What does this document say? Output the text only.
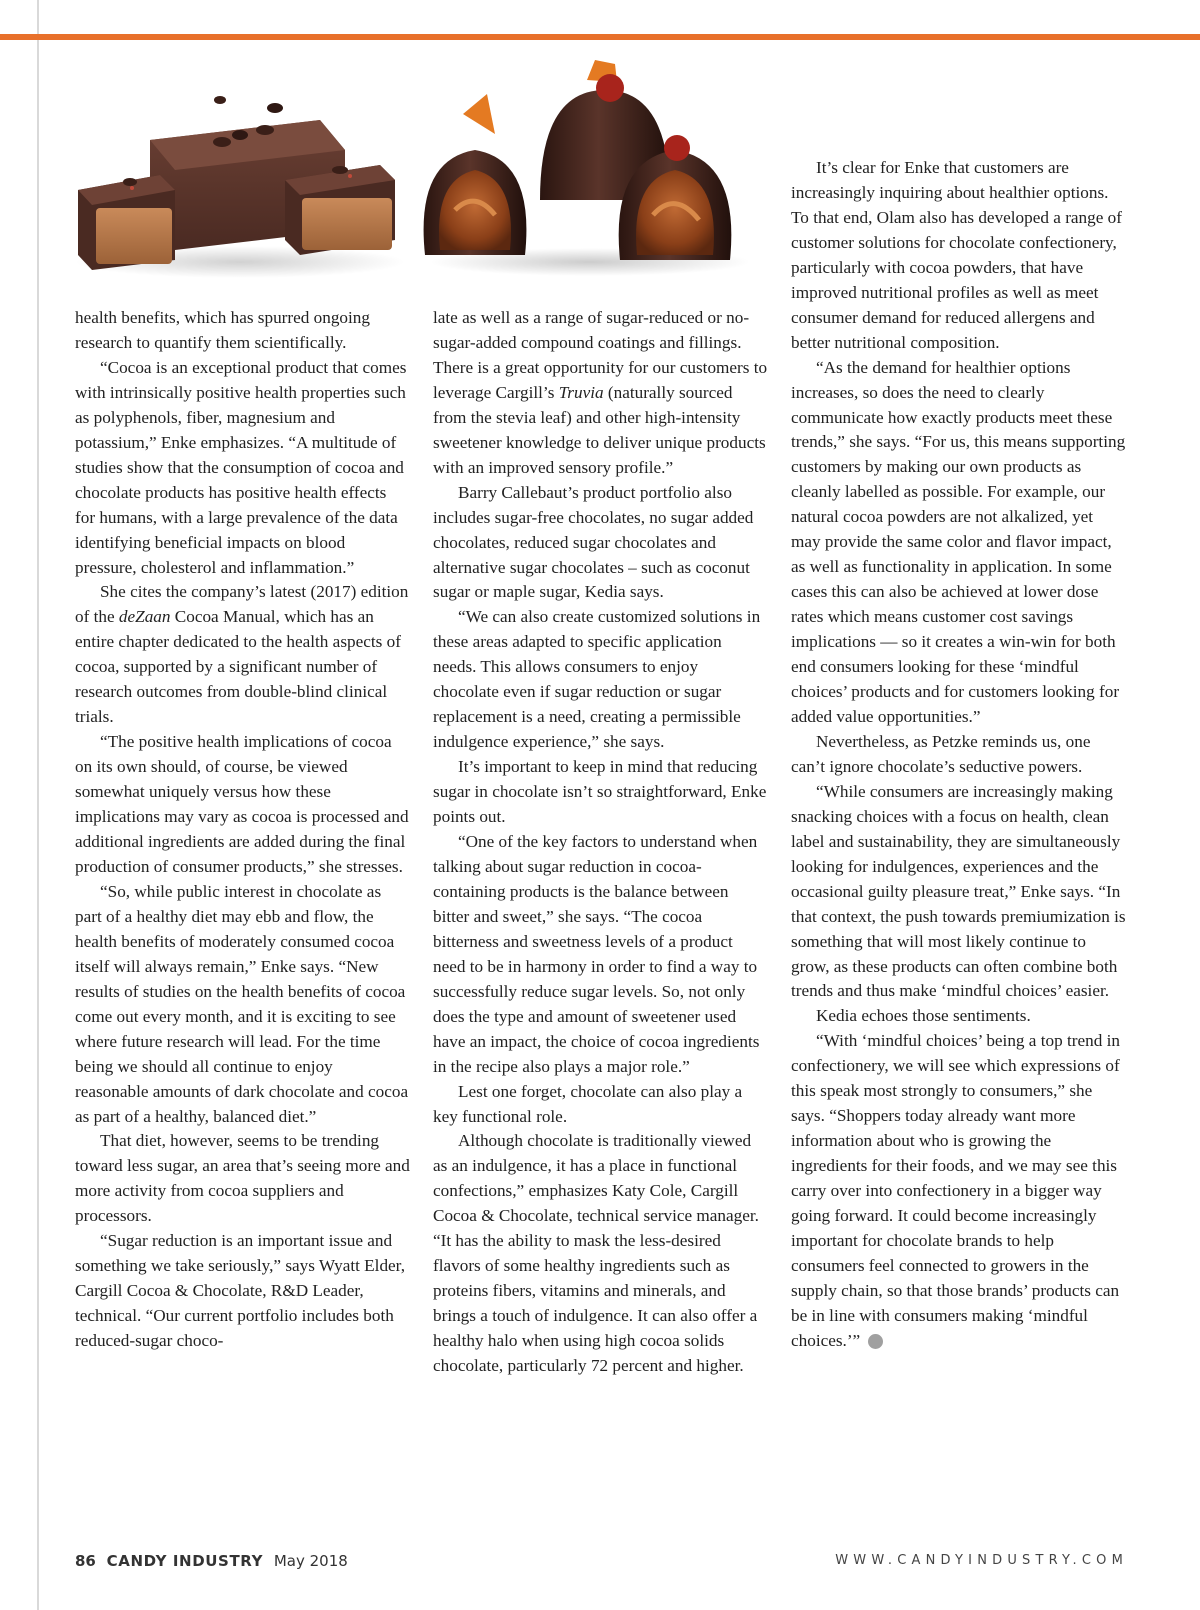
health benefits, which has spurred ongoing research to quantify them scientifically.

“Cocoa is an exceptional product that comes with intrinsically positive health properties such as polyphenols, fiber, magnesium and potassium,” Enke emphasizes. “A multitude of studies show that the consumption of cocoa and chocolate products has positive health effects for humans, with a large prevalence of the data identifying beneficial impacts on blood pressure, cholesterol and inflammation.”

She cites the company’s latest (2017) edition of the deZaan Cocoa Manual, which has an entire chapter dedicated to the health aspects of cocoa, supported by a significant number of research outcomes from double-blind clinical trials.

“The positive health implications of cocoa on its own should, of course, be viewed somewhat uniquely versus how these implications may vary as cocoa is processed and additional ingredients are added during the final production of consumer products,” she stresses.

“So, while public interest in chocolate as part of a healthy diet may ebb and flow, the health benefits of moderately consumed cocoa itself will always remain,” Enke says. “New results of studies on the health benefits of cocoa come out every month, and it is exciting to see where future research will lead. For the time being we should all continue to enjoy reasonable amounts of dark chocolate and cocoa as part of a healthy, balanced diet.”

That diet, however, seems to be trending toward less sugar, an area that’s seeing more and more activity from cocoa suppliers and processors.

“Sugar reduction is an important issue and something we take seriously,” says Wyatt Elder, Cargill Cocoa & Chocolate, R&D Leader, technical. “Our current portfolio includes both reduced-sugar choco-

late as well as a range of sugar-reduced or no-sugar-added compound coatings and fillings. There is a great opportunity for our customers to leverage Cargill’s Truvia (naturally sourced from the stevia leaf) and other high-intensity sweetener knowledge to deliver unique products with an improved sensory profile.”

Barry Callebaut’s product portfolio also includes sugar-free chocolates, no sugar added chocolates, reduced sugar chocolates and alternative sugar chocolates – such as coconut sugar or maple sugar, Kedia says.

“We can also create customized solutions in these areas adapted to specific application needs. This allows consumers to enjoy chocolate even if sugar reduction or sugar replacement is a need, creating a permissible indulgence experience,” she says.

It’s important to keep in mind that reducing sugar in chocolate isn’t so straightforward, Enke points out.

“One of the key factors to understand when talking about sugar reduction in cocoa-containing products is the balance between bitter and sweet,” she says. “The cocoa bitterness and sweetness levels of a product need to be in harmony in order to find a way to successfully reduce sugar levels. So, not only does the type and amount of sweetener used have an impact, the choice of cocoa ingredients in the recipe also plays a major role.”

Lest one forget, chocolate can also play a key functional role.

Although chocolate is traditionally viewed as an indulgence, it has a place in functional confections,” emphasizes Katy Cole, Cargill Cocoa & Chocolate, technical service manager. “It has the ability to mask the less-desired flavors of some healthy ingredients such as proteins fibers, vitamins and minerals, and brings a touch of indulgence. It can also offer a healthy halo when using high cocoa solids chocolate, particularly 72 percent and higher.

It’s clear for Enke that customers are increasingly inquiring about healthier options. To that end, Olam also has developed a range of customer solutions for chocolate confectionery, particularly with cocoa powders, that have improved nutritional profiles as well as meet consumer demand for reduced allergens and better nutritional composition.

“As the demand for healthier options increases, so does the need to clearly communicate how exactly products meet these trends,” she says. “For us, this means supporting customers by making our own products as cleanly labelled as possible. For example, our natural cocoa powders are not alkalized, yet may provide the same color and flavor impact, as well as functionality in application. In some cases this can also be achieved at lower dose rates which means customer cost savings implications — so it creates a win-win for both end consumers looking for these ‘mindful choices’ products and for customers looking for added value opportunities.”

Nevertheless, as Petzke reminds us, one can’t ignore chocolate’s seductive powers.

“While consumers are increasingly making snacking choices with a focus on health, clean label and sustainability, they are simultaneously looking for indulgences, experiences and the occasional guilty pleasure treat,” Enke says. “In that context, the push towards premiumization is something that will most likely continue to grow, as these products can often combine both trends and thus make ‘mindful choices’ easier.

Kedia echoes those sentiments.

“With ‘mindful choices’ being a top trend in confectionery, we will see which expressions of this speak most strongly to consumers,” she says. “Shoppers today already want more information about who is growing the ingredients for their foods, and we may see this carry over into confectionery in a bigger way going forward. It could become increasingly important for chocolate brands to help consumers feel connected to growers in the supply chain, so that those brands’ products can be in line with consumers making ‘mindful choices.’”	CI

86 CANDY INDUSTRY May 2018	WWW.CANDYINDUSTRY.COM
